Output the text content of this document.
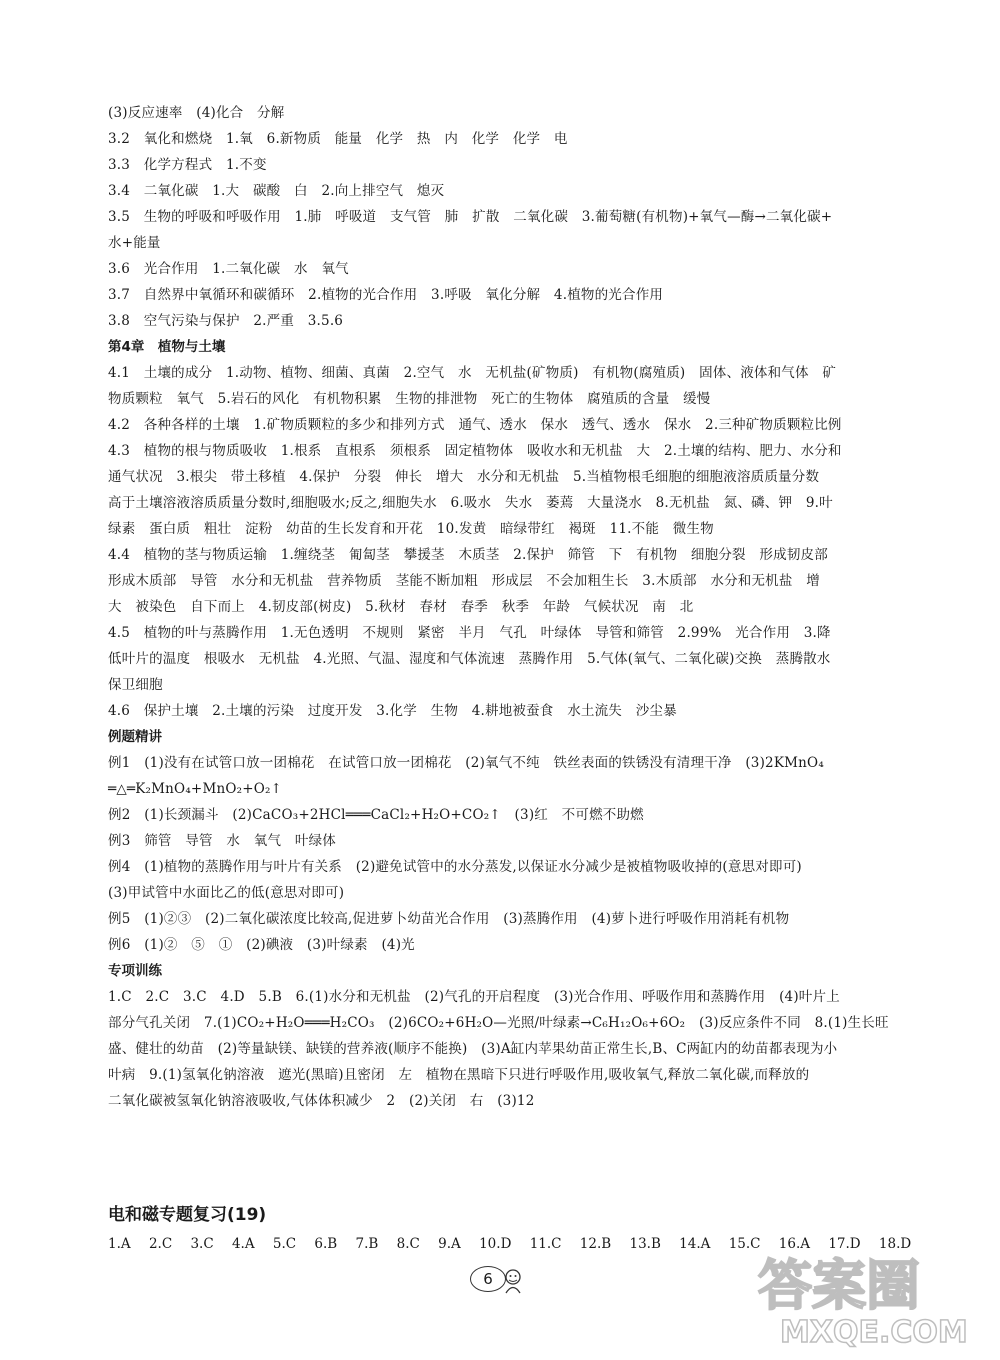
(3)反应速率　(4)化合　分解
3.2　氧化和燃烧　1.氧　6.新物质　能量　化学　热　内　化学　化学　电
3.3　化学方程式　1.不变
3.4　二氧化碳　1.大　碳酸　白　2.向上排空气　熄灭
3.5　生物的呼吸和呼吸作用　1.肺　呼吸道　支气管　肺　扩散　二氧化碳　3.葡萄糖(有机物)+氧气—酶→二氧化碳+
水+能量
3.6　光合作用　1.二氧化碳　水　氧气
3.7　自然界中氧循环和碳循环　2.植物的光合作用　3.呼吸　氧化分解　4.植物的光合作用
3.8　空气污染与保护　2.严重　3.5.6
第4章　植物与土壤
4.1　土壤的成分　1.动物、植物、细菌、真菌　2.空气　水　无机盐(矿物质)　有机物(腐殖质)　固体、液体和气体　矿
物质颗粒　氧气　5.岩石的风化　有机物积累　生物的排泄物　死亡的生物体　腐殖质的含量　缓慢
4.2　各种各样的土壤　1.矿物质颗粒的多少和排列方式　通气、透水　保水　透气、透水　保水　2.三种矿物质颗粒比例
4.3　植物的根与物质吸收　1.根系　直根系　须根系　固定植物体　吸收水和无机盐　大　2.土壤的结构、肥力、水分和
通气状况　3.根尖　带土移植　4.保护　分裂　伸长　增大　水分和无机盐　5.当植物根毛细胞的细胞液溶质质量分数
高于土壤溶液溶质质量分数时,细胞吸水;反之,细胞失水　6.吸水　失水　萎蔫　大量浇水　8.无机盐　氮、磷、钾　9.叶
绿素　蛋白质　粗壮　淀粉　幼苗的生长发育和开花　10.发黄　暗绿带红　褐斑　11.不能　微生物
4.4　植物的茎与物质运输　1.缠绕茎　匍匐茎　攀援茎　木质茎　2.保护　筛管　下　有机物　细胞分裂　形成韧皮部
形成木质部　导管　水分和无机盐　营养物质　茎能不断加粗　形成层　不会加粗生长　3.木质部　水分和无机盐　增
大　被染色　自下而上　4.韧皮部(树皮)　5.秋材　春材　春季　秋季　年龄　气候状况　南　北
4.5　植物的叶与蒸腾作用　1.无色透明　不规则　紧密　半月　气孔　叶绿体　导管和筛管　2.99%　光合作用　3.降
低叶片的温度　根吸水　无机盐　4.光照、气温、湿度和气体流速　蒸腾作用　5.气体(氧气、二氧化碳)交换　蒸腾散水
保卫细胞
4.6　保护土壤　2.土壤的污染　过度开发　3.化学　生物　4.耕地被蚕食　水土流失　沙尘暴
例题精讲
例1　(1)没有在试管口放一团棉花　在试管口放一团棉花　(2)氧气不纯　铁丝表面的铁锈没有清理干净　(3)2KMnO₄
═△═K₂MnO₄+MnO₂+O₂↑
例2　(1)长颈漏斗　(2)CaCO₃+2HCl═══CaCl₂+H₂O+CO₂↑　(3)红　不可燃不助燃
例3　筛管　导管　水　氧气　叶绿体
例4　(1)植物的蒸腾作用与叶片有关系　(2)避免试管中的水分蒸发,以保证水分减少是被植物吸收掉的(意思对即可)
(3)甲试管中水面比乙的低(意思对即可)
例5　(1)②③　(2)二氧化碳浓度比较高,促进萝卜幼苗光合作用　(3)蒸腾作用　(4)萝卜进行呼吸作用消耗有机物
例6　(1)②　⑤　①　(2)碘液　(3)叶绿素　(4)光
专项训练
1.C　2.C　3.C　4.D　5.B　6.(1)水分和无机盐　(2)气孔的开启程度　(3)光合作用、呼吸作用和蒸腾作用　(4)叶片上
部分气孔关闭　7.(1)CO₂+H₂O═══H₂CO₃　(2)6CO₂+6H₂O—光照/叶绿素→C₆H₁₂O₆+6O₂　(3)反应条件不同　8.(1)生长旺
盛、健壮的幼苗　(2)等量缺镁、缺镁的营养液(顺序不能换)　(3)A缸内苹果幼苗正常生长,B、C两缸内的幼苗都表现为小
叶病　9.(1)氢氧化钠溶液　遮光(黑暗)且密闭　左　植物在黑暗下只进行呼吸作用,吸收氧气,释放二氧化碳,而释放的
二氧化碳被氢氧化钠溶液吸收,气体体积减少　2　(2)关闭　右　(3)12
电和磁专题复习(19)
1.A 2.C 3.C 4.A 5.C 6.B 7.B 8.C 9.A 10.D 11.C 12.B 13.B 14.A 15.C 16.A 17.D 18.D
6	答案圈
MXQE.COM
